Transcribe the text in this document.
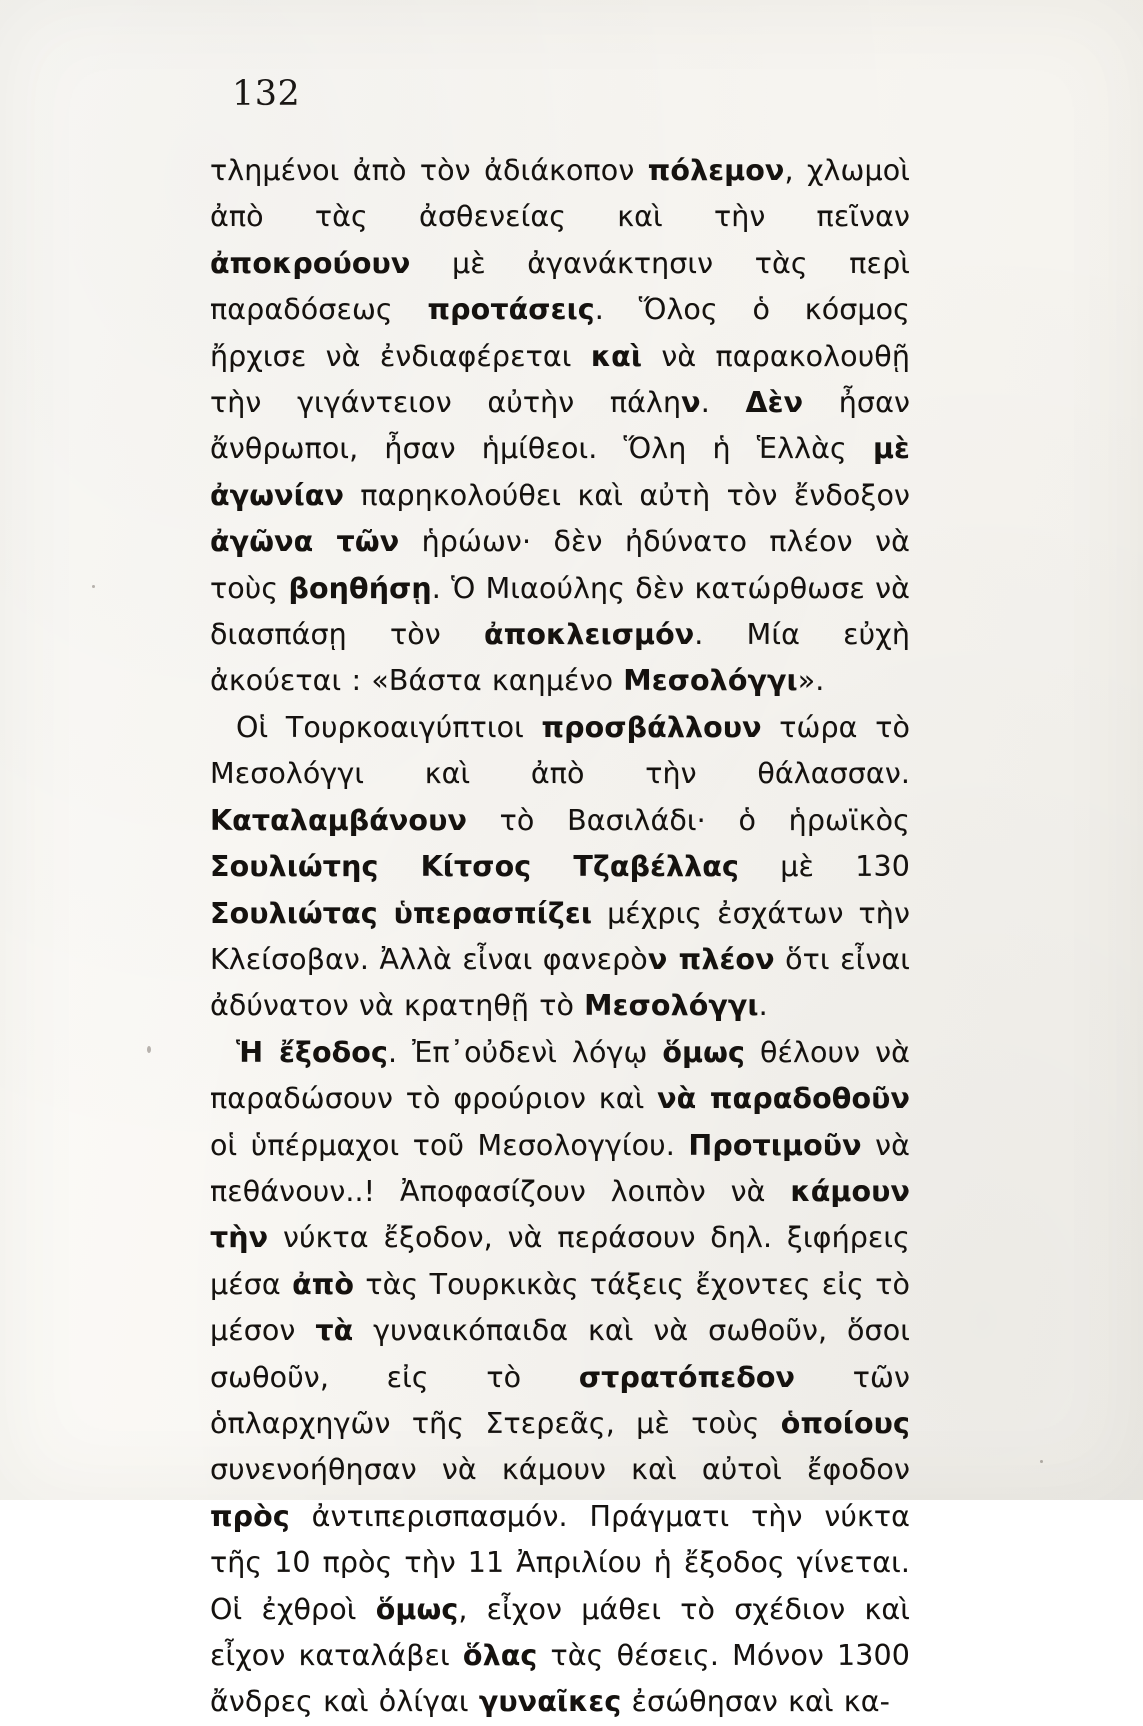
132

τλημένοι ἀπὸ τὸν ἀδιάκοπον πόλεμον, χλωμοὶ ἀπὸ τὰς ἀσθενείας καὶ τὴν πεῖναν ἀποκρούουν μὲ ἀγανάκτησιν τὰς περὶ παραδόσεως προτάσεις. Ὅλος ὁ κόσμος ἤρχισε νὰ ἐνδιαφέρεται καὶ νὰ παρακολουθῇ τὴν γιγάντειον αὐτὴν πάλην. Δὲν ἦσαν ἄνθρωποι, ἦσαν ἡμίθεοι. Ὅλη ἡ Ἑλλὰς μὲ ἀγωνίαν παρηκολούθει καὶ αὐτὴ τὸν ἔνδοξον ἀγῶνα τῶν ἡρώων· δὲν ἠδύνατο πλέον νὰ τοὺς βοηθήσῃ. Ὁ Μιαούλης δὲν κατώρθωσε νὰ διασπάσῃ τὸν ἀποκλεισμόν. Μία εὐχὴ ἀκούεται : «Βάστα καημένο Μεσολόγγι».

Οἱ Τουρκοαιγύπτιοι προσβάλλουν τώρα τὸ Μεσολόγγι καὶ ἀπὸ τὴν θάλασσαν. Καταλαμβάνουν τὸ Βασιλάδι· ὁ ἡρωϊκὸς Σουλιώτης Κίτσος Τζαβέλλας μὲ 130 Σουλιώτας ὑπερασπίζει μέχρις ἐσχάτων τὴν Κλείσοβαν. Ἀλλὰ εἶναι φανερὸν πλέον ὅτι εἶναι ἀδύνατον νὰ κρατηθῇ τὸ Μεσολόγγι.

Ἡ ἔξοδος. Ἐπ᾽οὐδενὶ λόγῳ ὅμως θέλουν νὰ παραδώσουν τὸ φρούριον καὶ νὰ παραδοθοῦν οἱ ὑπέρμαχοι τοῦ Μεσολογγίου. Προτιμοῦν νὰ πεθάνουν..! Ἀποφασίζουν λοιπὸν νὰ κάμουν τὴν νύκτα ἔξοδον, νὰ περάσουν δηλ. ξιφήρεις μέσα ἀπὸ τὰς Τουρκικὰς τάξεις ἔχοντες εἰς τὸ μέσον τὰ γυναικόπαιδα καὶ νὰ σωθοῦν, ὅσοι σωθοῦν, εἰς τὸ στρατόπεδον τῶν ὁπλαρχηγῶν τῆς Στερεᾶς, μὲ τοὺς ὁποίους συνενοήθησαν νὰ κάμουν καὶ αὐτοὶ ἔφοδον πρὸς ἀντιπερισπασμόν. Πράγματι τὴν νύκτα τῆς 10 πρὸς τὴν 11 Ἀπριλίου ἡ ἔξοδος γίνεται. Οἱ ἐχθροὶ ὅμως, εἶχον μάθει τὸ σχέδιον καὶ εἶχον καταλάβει ὅλας τὰς θέσεις. Μόνον 1300 ἄνδρες καὶ ὀλίγαι γυναῖκες ἐσώθησαν καὶ κα-
